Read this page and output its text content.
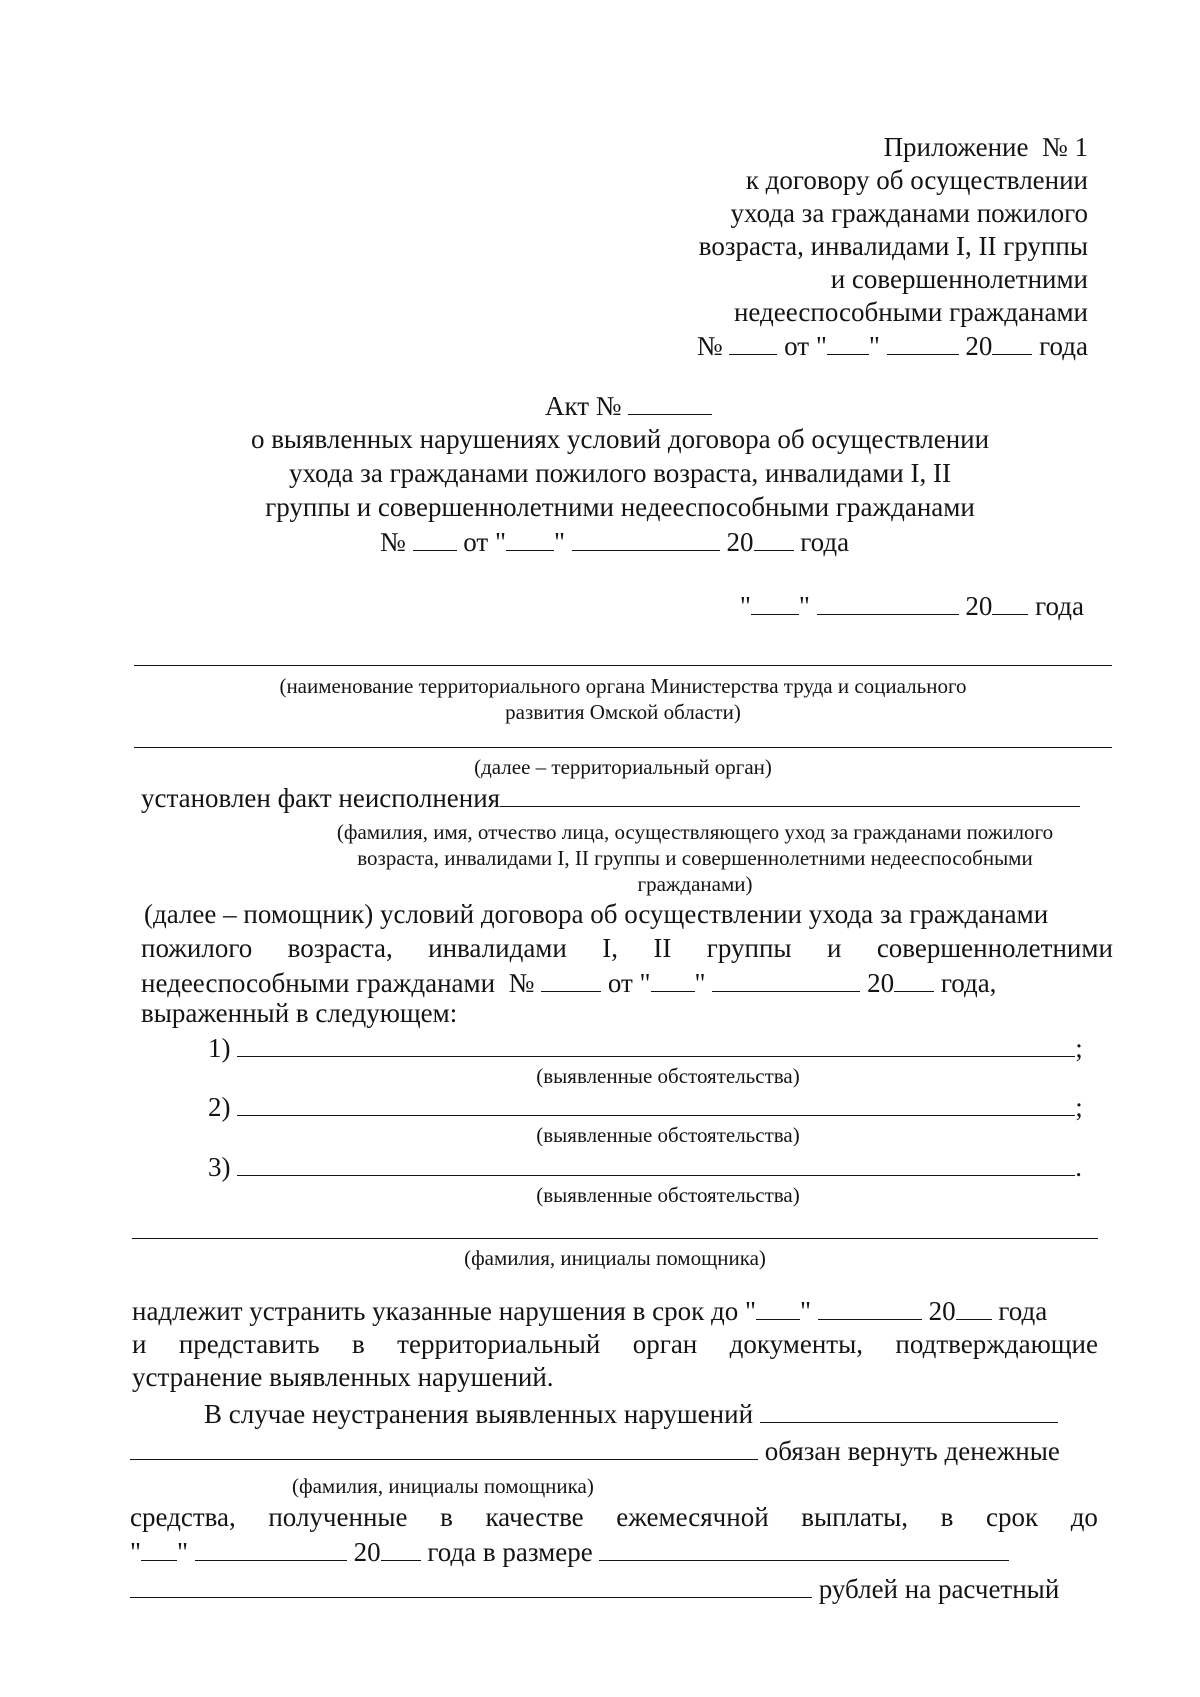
Приложение  № 1
к договору об осуществлении
ухода за гражданами пожилого
возраста, инвалидами I, II группы
и совершеннолетними
недееспособными гражданами
№ от " "	20 года
Акт №
о выявленных нарушениях условий договора об осуществлении
ухода за гражданами пожилого возраста, инвалидами I, II
группы и совершеннолетними недееспособными гражданами
№ от " "	20 года
" "	20 года
(наименование территориального органа Министерства труда и социального
развития Омской области)
(далее – территориальный орган)
установлен факт неисполнения
(фамилия, имя, отчество лица, осуществляющего уход за гражданами пожилого
возраста, инвалидами I, II группы и совершеннолетними недееспособными
гражданами)
(далее – помощник) условий договора об осуществлении ухода за гражданами
пожилого возраста, инвалидами I, II группы и совершеннолетними
недееспособными гражданами №	от " "	20 года,
выраженный в следующем:
1)	;
(выявленные обстоятельства)
2)	;
(выявленные обстоятельства)
3)	.
(выявленные обстоятельства)
(фамилия, инициалы помощника)
надлежит устранить указанные нарушения в срок до " "	20 года
и представить в территориальный орган документы, подтверждающие
устранение выявленных нарушений.
В случае неустранения выявленных нарушений
обязан вернуть денежные
(фамилия, инициалы помощника)
средства, полученные в качестве ежемесячной выплаты, в срок до
" "	20 года в размере
рублей на расчетный
